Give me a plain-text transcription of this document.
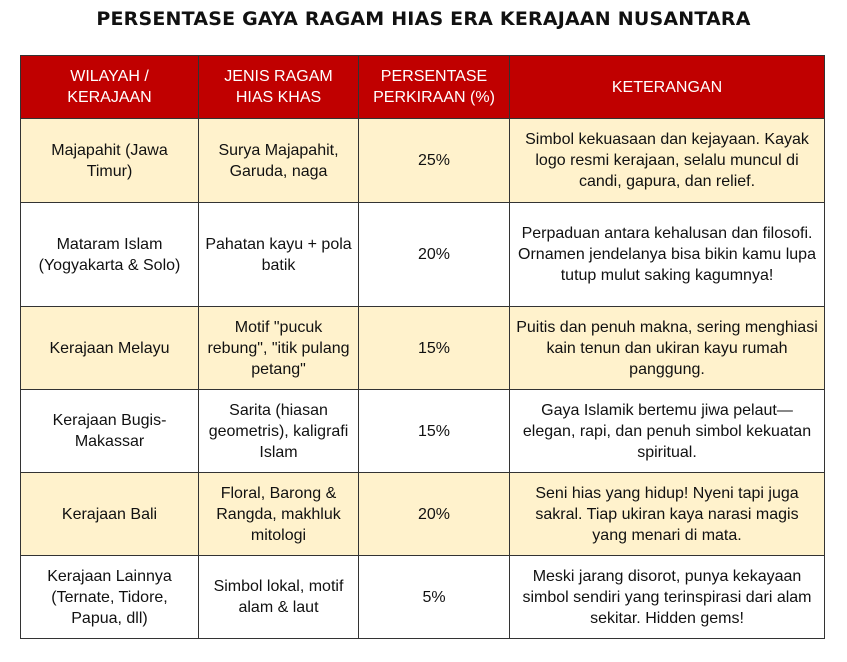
PERSENTASE GAYA RAGAM HIAS ERA KERAJAAN NUSANTARA
WILAYAH / KERAJAAN	JENIS RAGAM HIAS KHAS	PERSENTASE PERKIRAAN (%)	KETERANGAN
Majapahit (Jawa Timur)	Surya Majapahit, Garuda, naga	25%	Simbol kekuasaan dan kejayaan. Kayak logo resmi kerajaan, selalu muncul di candi, gapura, dan relief.
Mataram Islam (Yogyakarta & Solo)	Pahatan kayu + pola batik	20%	Perpaduan antara kehalusan dan filosofi. Ornamen jendelanya bisa bikin kamu lupa tutup mulut saking kagumnya!
Kerajaan Melayu	Motif "pucuk rebung", "itik pulang petang"	15%	Puitis dan penuh makna, sering menghiasi kain tenun dan ukiran kayu rumah panggung.
Kerajaan Bugis-Makassar	Sarita (hiasan geometris), kaligrafi Islam	15%	Gaya Islamik bertemu jiwa pelaut—elegan, rapi, dan penuh simbol kekuatan spiritual.
Kerajaan Bali	Floral, Barong & Rangda, makhluk mitologi	20%	Seni hias yang hidup! Nyeni tapi juga sakral. Tiap ukiran kaya narasi magis yang menari di mata.
Kerajaan Lainnya (Ternate, Tidore, Papua, dll)	Simbol lokal, motif alam & laut	5%	Meski jarang disorot, punya kekayaan simbol sendiri yang terinspirasi dari alam sekitar. Hidden gems!
